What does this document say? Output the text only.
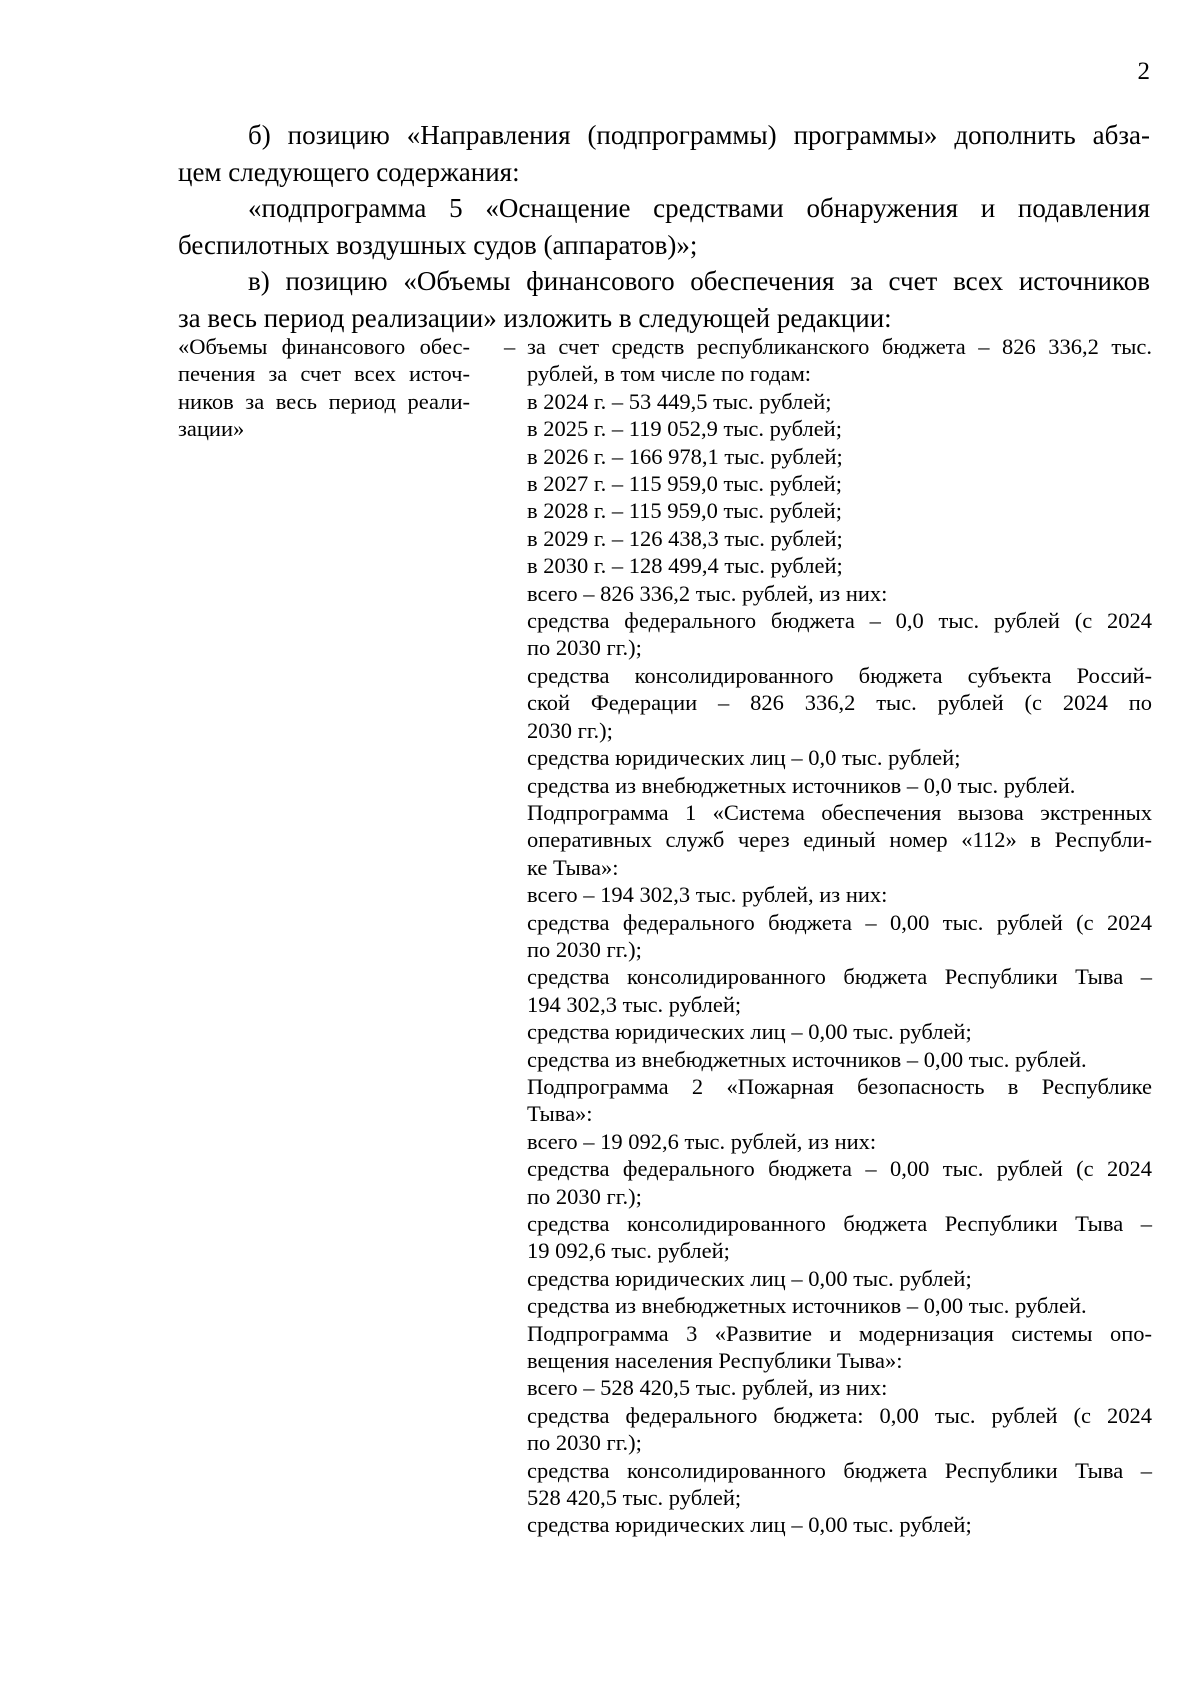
2

б) позицию «Направления (подпрограммы) программы» дополнить абза-

цем следующего содержания:

«подпрограмма 5 «Оснащение средствами обнаружения и подавления

беспилотных воздушных судов (аппаратов)»;

в) позицию «Объемы финансового обеспечения за счет всех источников

за весь период реализации» изложить в следующей редакции:

«Объемы финансового обес-
печения за счет всех источ-
ников за весь период реали-
зации»
– за счет средств республиканского бюджета – 826 336,2 тыс.
рублей, в том числе по годам:
в 2024 г. – 53 449,5 тыс. рублей;
в 2025 г. – 119 052,9 тыс. рублей;
в 2026 г. – 166 978,1 тыс. рублей;
в 2027 г. – 115 959,0 тыс. рублей;
в 2028 г. – 115 959,0 тыс. рублей;
в 2029 г. – 126 438,3 тыс. рублей;
в 2030 г. – 128 499,4 тыс. рублей;
всего – 826 336,2 тыс. рублей, из них:
средства федерального бюджета – 0,0 тыс. рублей (с 2024
по 2030 гг.);
средства консолидированного бюджета субъекта Россий-
ской Федерации – 826 336,2 тыс. рублей (с 2024 по
2030 гг.);
средства юридических лиц – 0,0 тыс. рублей;
средства из внебюджетных источников – 0,0 тыс. рублей.
Подпрограмма 1 «Система обеспечения вызова экстренных
оперативных служб через единый номер «112» в Республи-
ке Тыва»:
всего – 194 302,3 тыс. рублей, из них:
средства федерального бюджета – 0,00 тыс. рублей (с 2024
по 2030 гг.);
средства консолидированного бюджета Республики Тыва –
194 302,3 тыс. рублей;
средства юридических лиц – 0,00 тыс. рублей;
средства из внебюджетных источников – 0,00 тыс. рублей.
Подпрограмма 2 «Пожарная безопасность в Республике
Тыва»:
всего – 19 092,6 тыс. рублей, из них:
средства федерального бюджета – 0,00 тыс. рублей (с 2024
по 2030 гг.);
средства консолидированного бюджета Республики Тыва –
19 092,6 тыс. рублей;
средства юридических лиц – 0,00 тыс. рублей;
средства из внебюджетных источников – 0,00 тыс. рублей.
Подпрограмма 3 «Развитие и модернизация системы опо-
вещения населения Республики Тыва»:
всего – 528 420,5 тыс. рублей, из них:
средства федерального бюджета: 0,00 тыс. рублей (с 2024
по 2030 гг.);
средства консолидированного бюджета Республики Тыва –
528 420,5 тыс. рублей;
средства юридических лиц – 0,00 тыс. рублей;
